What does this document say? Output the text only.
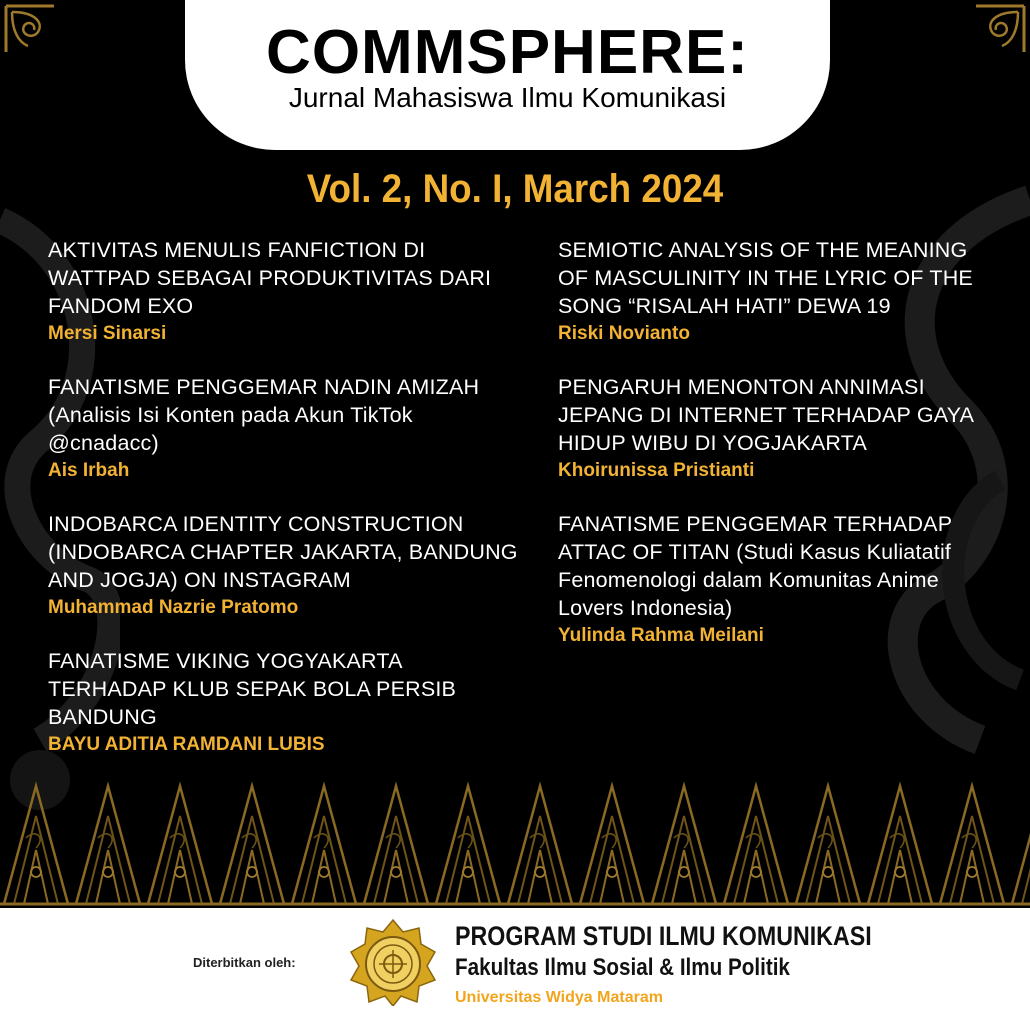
COMMSPHERE:
Jurnal Mahasiswa Ilmu Komunikasi
Vol. 2, No. I, March 2024
AKTIVITAS MENULIS FANFICTION DI WATTPAD SEBAGAI PRODUKTIVITAS DARI FANDOM EXO
Mersi Sinarsi
FANATISME PENGGEMAR NADIN AMIZAH (Analisis Isi Konten pada Akun TikTok @cnadacc)
Ais Irbah
INDOBARCA IDENTITY CONSTRUCTION (INDOBARCA CHAPTER JAKARTA, BANDUNG AND JOGJA) ON INSTAGRAM
Muhammad Nazrie Pratomo
FANATISME VIKING YOGYAKARTA TERHADAP KLUB SEPAK BOLA PERSIB BANDUNG
BAYU ADITIA RAMDANI LUBIS
SEMIOTIC ANALYSIS OF THE MEANING OF MASCULINITY IN THE LYRIC OF THE SONG “RISALAH HATI” DEWA 19
Riski Novianto
PENGARUH MENONTON ANNIMASI JEPANG DI INTERNET TERHADAP GAYA HIDUP WIBU DI YOGJAKARTA
Khoirunissa Pristianti
FANATISME PENGGEMAR TERHADAP ATTAC OF TITAN (Studi Kasus Kuliatatif Fenomenologi dalam Komunitas Anime Lovers Indonesia)
Yulinda Rahma Meilani
Diterbitkan oleh:
PROGRAM STUDI ILMU KOMUNIKASI
Fakultas Ilmu Sosial & Ilmu Politik
Universitas Widya Mataram
